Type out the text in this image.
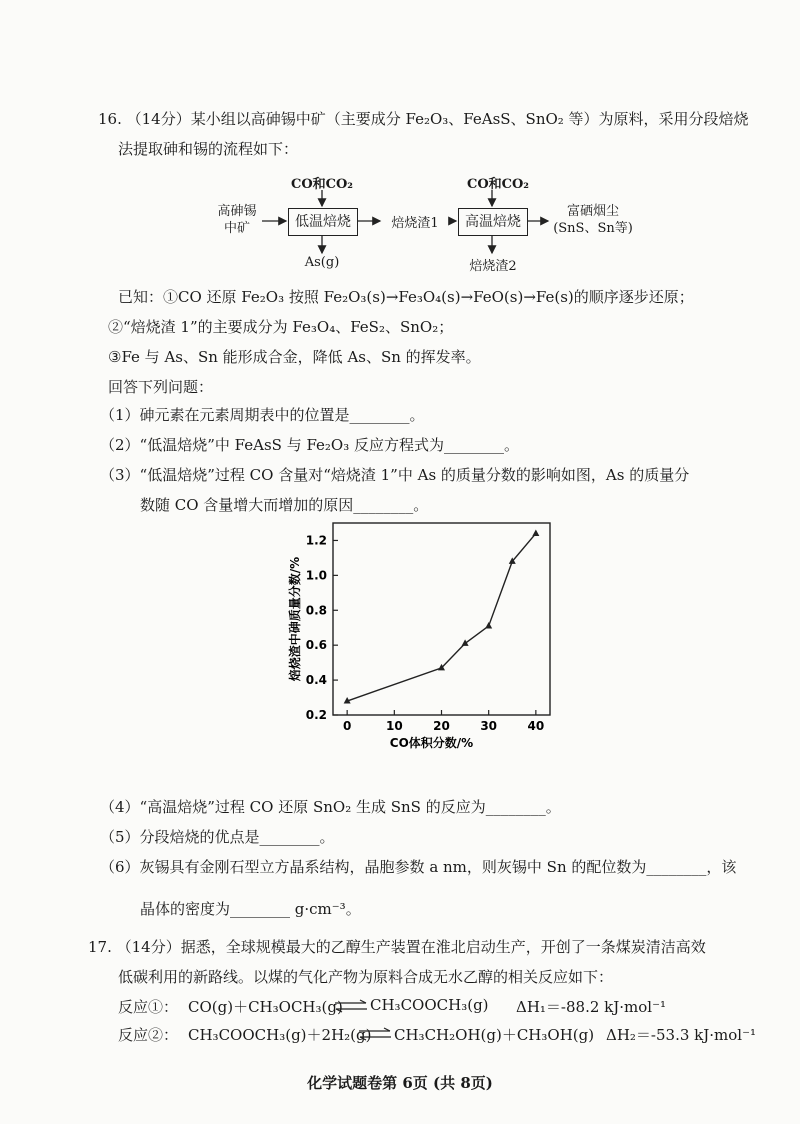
16. （14分）某小组以高砷锡中矿（主要成分 Fe₂O₃、FeAsS、SnO₂ 等）为原料，采用分段焙烧
法提取砷和锡的流程如下：
高砷锡
中矿
CO和CO₂
低温焙烧	焙烧渣1
CO和CO₂
高温焙烧
富硒烟尘
(SnS、Sn等)
As(g)	焙烧渣2
已知：①CO 还原 Fe₂O₃ 按照 Fe₂O₃(s)→Fe₃O₄(s)→FeO(s)→Fe(s)的顺序逐步还原；
②“焙烧渣 1”的主要成分为 Fe₃O₄、FeS₂、SnO₂；
③Fe 与 As、Sn 能形成合金，降低 As、Sn 的挥发率。
回答下列问题：
（1）砷元素在元素周期表中的位置是________。
（2）“低温焙烧”中 FeAsS 与 Fe₂O₃ 反应方程式为________。
（3）“低温焙烧”过程 CO 含量对“焙烧渣 1”中 As 的质量分数的影响如图，As 的质量分
数随 CO 含量增大而增加的原因________。
0	10	20	30	40
0.2
0.4
0.6
0.8
1.0
1.2
CO体积分数/%
焙烧渣中砷质量分数/%
（4）“高温焙烧”过程 CO 还原 SnO₂ 生成 SnS 的反应为________。
（5）分段焙烧的优点是________。
（6）灰锡具有金刚石型立方晶系结构，晶胞参数 a nm，则灰锡中 Sn 的配位数为________，该
晶体的密度为________ g·cm⁻³。
17. （14分）据悉，全球规模最大的乙醇生产装置在淮北启动生产，开创了一条煤炭清洁高效
低碳利用的新路线。以煤的气化产物为原料合成无水乙醇的相关反应如下：
反应①： CO(g)＋CH₃OCH₃(g) ⇌ CH₃COOCH₃(g) ΔH₁＝-88.2 kJ·mol⁻¹
反应②： CH₃COOCH₃(g)＋2H₂(g) ⇌ CH₃CH₂OH(g)＋CH₃OH(g) ΔH₂＝-53.3 kJ·mol⁻¹
化学试题卷第 6页 (共 8页)
